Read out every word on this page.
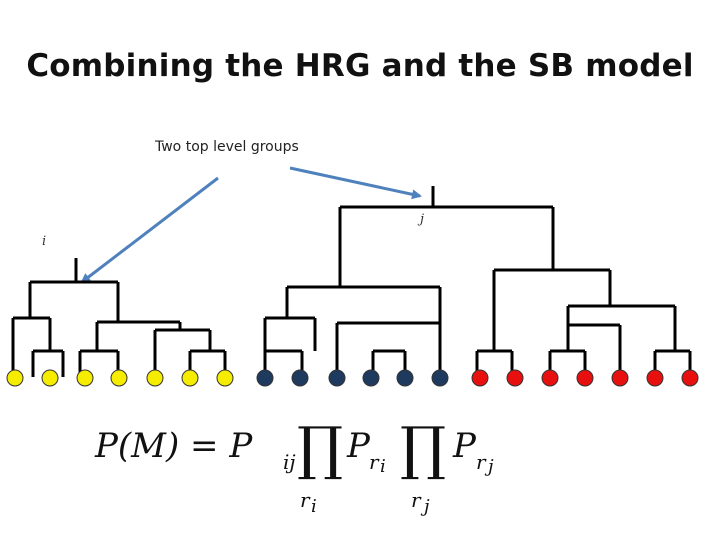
Combining the HRG and the SB model
Two top level groups
i
j
P(M) = P ij ∏
r i
P r i ∏
r j
P r j
